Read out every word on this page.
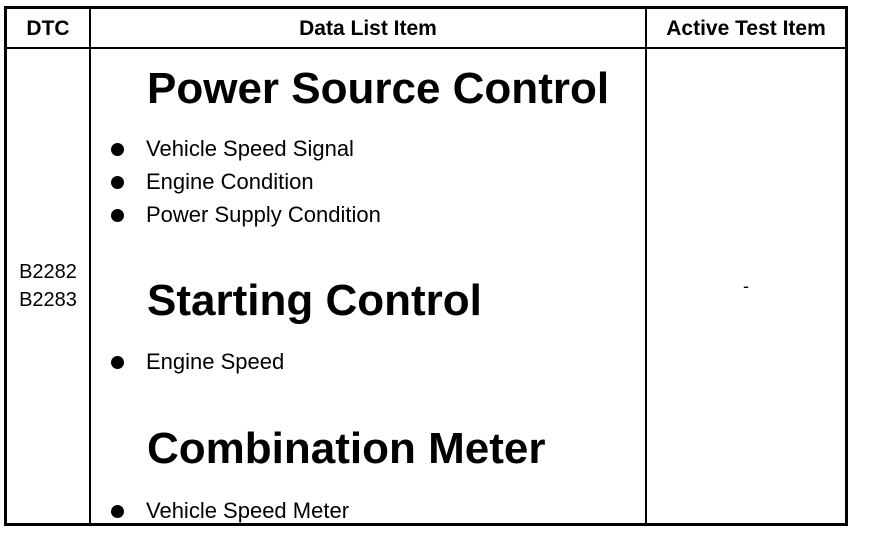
DTC	Data List Item	Active Test Item
B2282
B2283
-
Power Source Control
Vehicle Speed Signal
Engine Condition
Power Supply Condition
Starting Control
Engine Speed
Combination Meter
Vehicle Speed Meter
